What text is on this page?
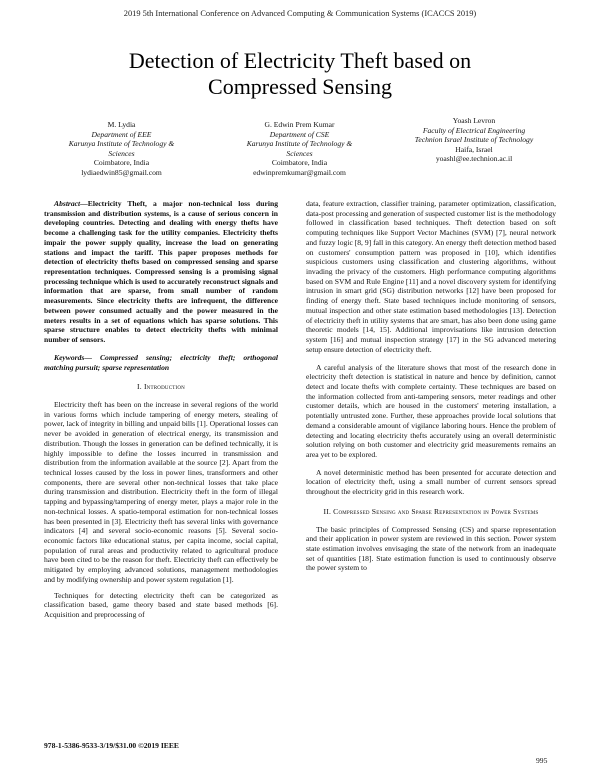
2019 5th International Conference on Advanced Computing & Communication Systems (ICACCS 2019)
Detection of Electricity Theft based on
Compressed Sensing
M. Lydia
Department of EEE
Karunya Institute of Technology &
Sciences
Coimbatore, India
lydiaedwin85@gmail.com
G. Edwin Prem Kumar
Department of CSE
Karunya Institute of Technology &
Sciences
Coimbatore, India
edwinpremkumar@gmail.com
Yoash Levron
Faculty of Electrical Engineering
Technion Israel Institute of Technology
Haifa, Israel
yoashl@ee.technion.ac.il

Abstract—Electricity Theft, a major non-technical loss during transmission and distribution systems, is a cause of serious concern in developing countries. Detecting and dealing with energy thefts have become a challenging task for the utility companies. Electricity thefts impair the power supply quality, increase the load on generating stations and impact the tariff. This paper proposes methods for detection of electricity thefts based on compressed sensing and sparse representation techniques. Compressed sensing is a promising signal processing technique which is used to accurately reconstruct signals and information that are sparse, from small number of random measurements. Since electricity thefts are infrequent, the difference between power consumed actually and the power measured in the meters results in a set of equations which has sparse solutions. This sparse structure enables to detect electricity thefts with minimal number of sensors.

Keywords— Compressed sensing; electricity theft; orthogonal matching pursuit; sparse representation

I. Introduction

Electricity theft has been on the increase in several regions of the world in various forms which include tampering of energy meters, stealing of power, lack of integrity in billing and unpaid bills [1]. Operational losses can never be avoided in generation of electrical energy, its transmission and distribution. Though the losses in generation can be defined technically, it is highly impossible to define the losses incurred in transmission and distribution from the information available at the source [2]. Apart from the technical losses caused by the loss in power lines, transformers and other components, there are several other non-technical losses that take place during transmission and distribution. Electricity theft in the form of illegal tapping and bypassing/tampering of energy meter, plays a major role in the non-technical losses. A spatio-temporal estimation for non-technical losses has been presented in [3]. Electricity theft has several links with governance indicators [4] and several socio-economic reasons [5]. Several socio-economic factors like educational status, per capita income, social capital, population of rural areas and productivity related to agricultural produce have been cited to be the reason for theft. Electricity theft can effectively be mitigated by employing advanced solutions, management methodologies and by modifying ownership and power system regulation [1].

Techniques for detecting electricity theft can be categorized as classification based, game theory based and state based methods [6]. Acquisition and preprocessing of

data, feature extraction, classifier training, parameter optimization, classification, data-post processing and generation of suspected customer list is the methodology followed in classification based techniques. Theft detection based on soft computing techniques like Support Vector Machines (SVM) [7], neural network and fuzzy logic [8, 9] fall in this category. An energy theft detection method based on customers' consumption pattern was proposed in [10], which identifies suspicious customers using classification and clustering algorithms, without invading the privacy of the customers. High performance computing algorithms based on SVM and Rule Engine [11] and a novel discovery system for identifying intrusion in smart grid (SG) distribution networks [12] have been proposed for finding of energy theft. State based techniques include monitoring of sensors, mutual inspection and other state estimation based methodologies [13]. Detection of electricity theft in utility systems that are smart, has also been done using game theoretic models [14, 15]. Additional improvisations like intrusion detection system [16] and mutual inspection strategy [17] in the SG advanced metering setup ensure detection of electricity theft.

A careful analysis of the literature shows that most of the research done in electricity theft detection is statistical in nature and hence by definition, cannot detect and locate thefts with complete certainty. These techniques are based on the information collected from anti-tampering sensors, meter readings and other customer details, which are housed in the customers' metering installation, a potentially untrusted zone. Further, these approaches provide local solutions that demand a considerable amount of vigilance laboring hours. Hence the problem of detecting and locating electricity thefts accurately using an overall deterministic solution relying on both customer and electricity grid measurements remains an area yet to be explored.

A novel deterministic method has been presented for accurate detection and location of electricity theft, using a small number of current sensors spread throughout the electricity grid in this research work.

II. Compressed Sensing and Sparse Representation in Power Systems

The basic principles of Compressed Sensing (CS) and sparse representation and their application in power system are reviewed in this section. Power system state estimation involves envisaging the state of the network from an inadequate set of quantities [18]. State estimation function is used to continuously observe the power system to

978-1-5386-9533-3/19/$31.00 ©2019 IEEE
995
